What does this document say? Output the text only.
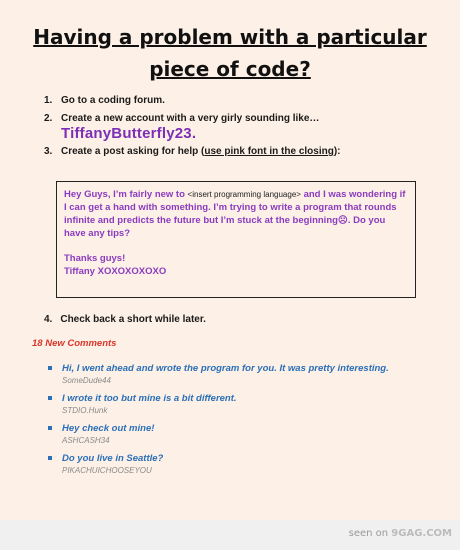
Having a problem with a particular
piece of code?
1. Go to a coding forum.
2. Create a new account with a very girly sounding like…
TiffanyButterfly23.
3. Create a post asking for help (use pink font in the closing):

Hey Guys, I’m fairly new to <insert programming language> and I was wondering if I can get a hand with something. I’m trying to write a program that rounds infinite and predicts the future but I’m stuck at the beginning☹. Do you have any tips?

Thanks guys!

Tiffany XOXOXOXOXO

4. Check back a short while later.
18 New Comments
Hi, I went ahead and wrote the program for you. It was pretty interesting.
SomeDude44
I wrote it too but mine is a bit different.
STDIO.Hunk
Hey check out mine!
ASHCASH34
Do you live in Seattle?
PIKACHUICHOOSEYOU
seen on 9GAG.COM
